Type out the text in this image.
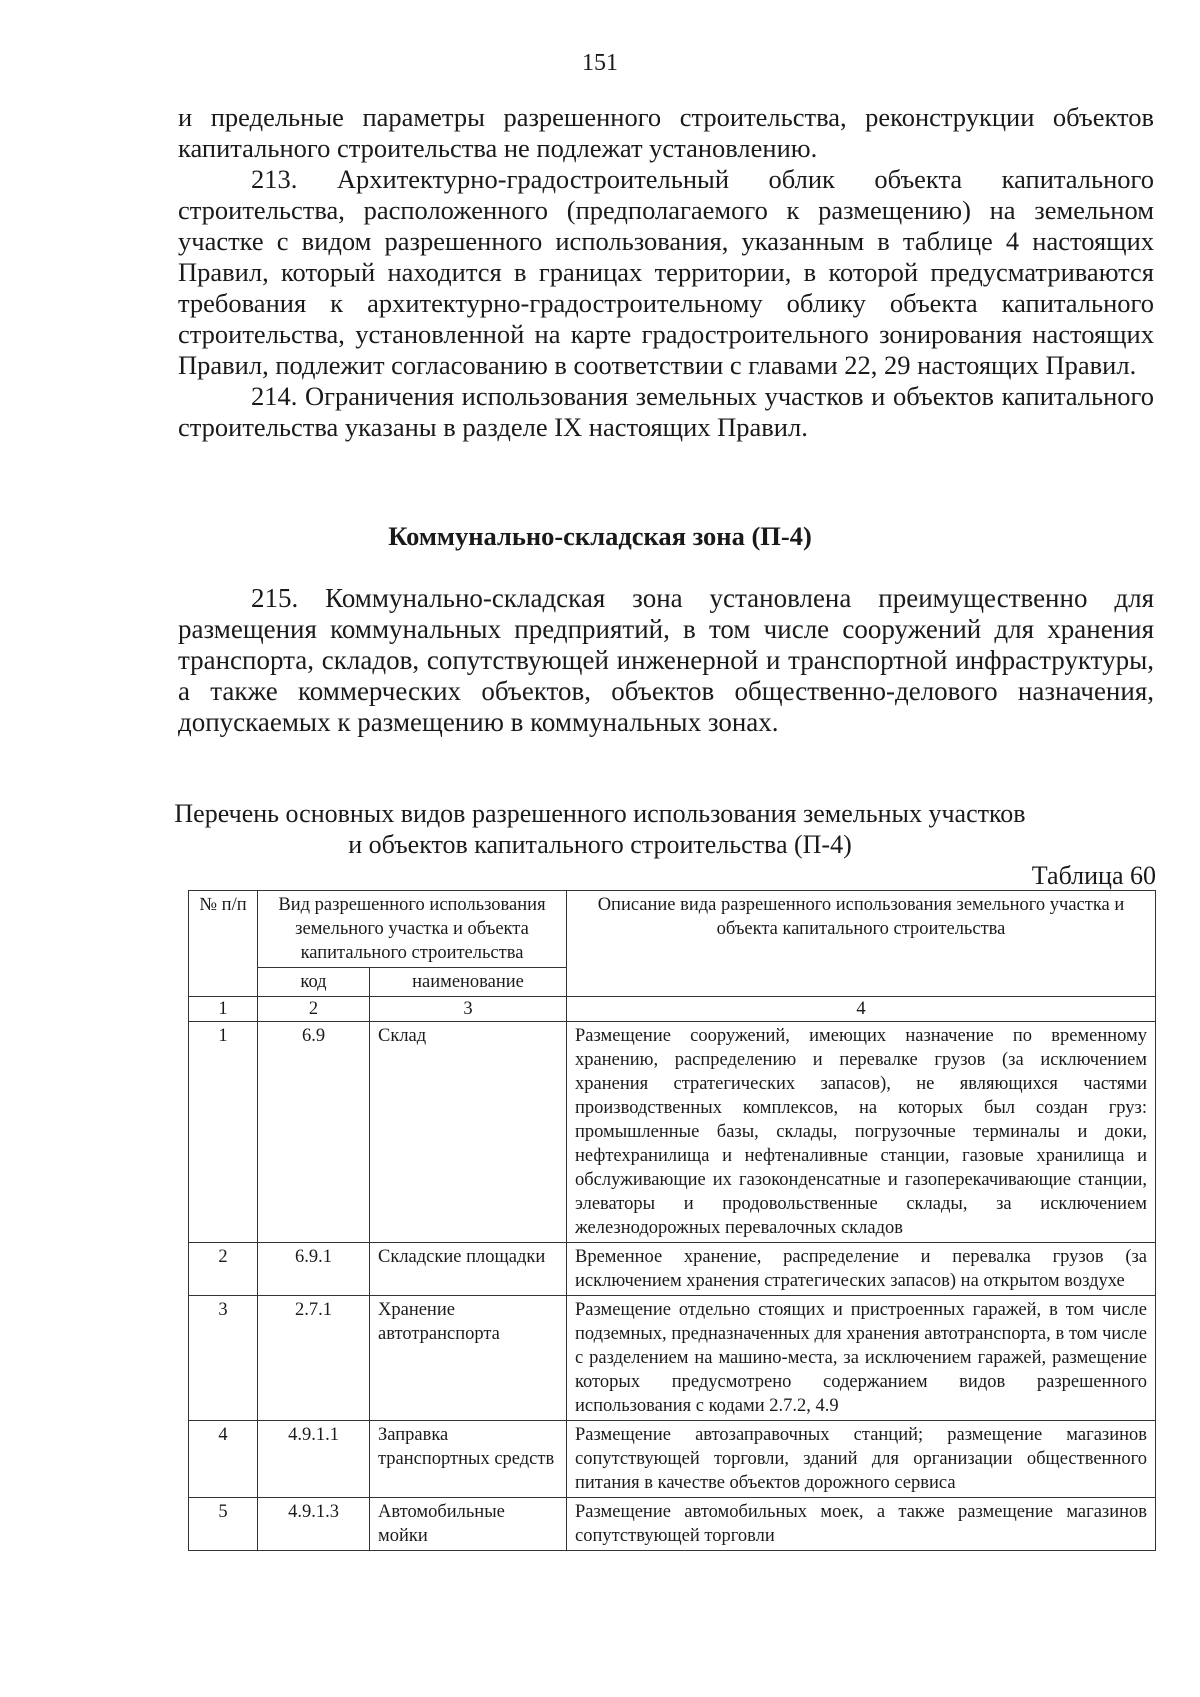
151

и предельные параметры разрешенного строительства, реконструкции объектов капитального строительства не подлежат установлению.

213. Архитектурно-градостроительный облик объекта капитального строительства, расположенного (предполагаемого к размещению) на земельном участке с видом разрешенного использования, указанным в таблице 4 настоящих Правил, который находится в границах территории, в которой предусматриваются требования к архитектурно-градостроительному облику объекта капитального строительства, установленной на карте градостроительного зонирования настоящих Правил, подлежит согласованию в соответствии с главами 22, 29 настоящих Правил.

214. Ограничения использования земельных участков и объектов капитального строительства указаны в разделе IX настоящих Правил.

Коммунально-складская зона (П-4)

215. Коммунально-складская зона установлена преимущественно для размещения коммунальных предприятий, в том числе сооружений для хранения транспорта, складов, сопутствующей инженерной и транспортной инфраструктуры, а также коммерческих объектов, объектов общественно-делового назначения, допускаемых к размещению в коммунальных зонах.

Перечень основных видов разрешенного использования земельных участков
и объектов капитального строительства (П-4)
Таблица 60
№ п/п	Вид разрешенного использования земельного участка и объекта капитального строительства		Описание вида разрешенного использования земельного участка и объекта капитального строительства
	код	наименование	
1	2	3	4
1	6.9	Склад	Размещение сооружений, имеющих назначение по временному хранению, распределению и перевалке грузов (за исключением хранения стратегических запасов), не являющихся частями производственных комплексов, на которых был создан груз: промышленные базы, склады, погрузочные терминалы и доки, нефтехранилища и нефтеналивные станции, газовые хранилища и обслуживающие их газоконденсатные и газоперекачивающие станции, элеваторы и продовольственные склады, за исключением железнодорожных перевалочных складов
2	6.9.1	Складские площадки	Временное хранение, распределение и перевалка грузов (за исключением хранения стратегических запасов) на открытом воздухе
3	2.7.1	Хранение автотранспорта	Размещение отдельно стоящих и пристроенных гаражей, в том числе подземных, предназначенных для хранения автотранспорта, в том числе с разделением на машино-места, за исключением гаражей, размещение которых предусмотрено содержанием видов разрешенного использования с кодами 2.7.2, 4.9
4	4.9.1.1	Заправка транспортных средств	Размещение автозаправочных станций; размещение магазинов сопутствующей торговли, зданий для организации общественного питания в качестве объектов дорожного сервиса
5	4.9.1.3	Автомобильные мойки	Размещение автомобильных моек, а также размещение магазинов сопутствующей торговли
